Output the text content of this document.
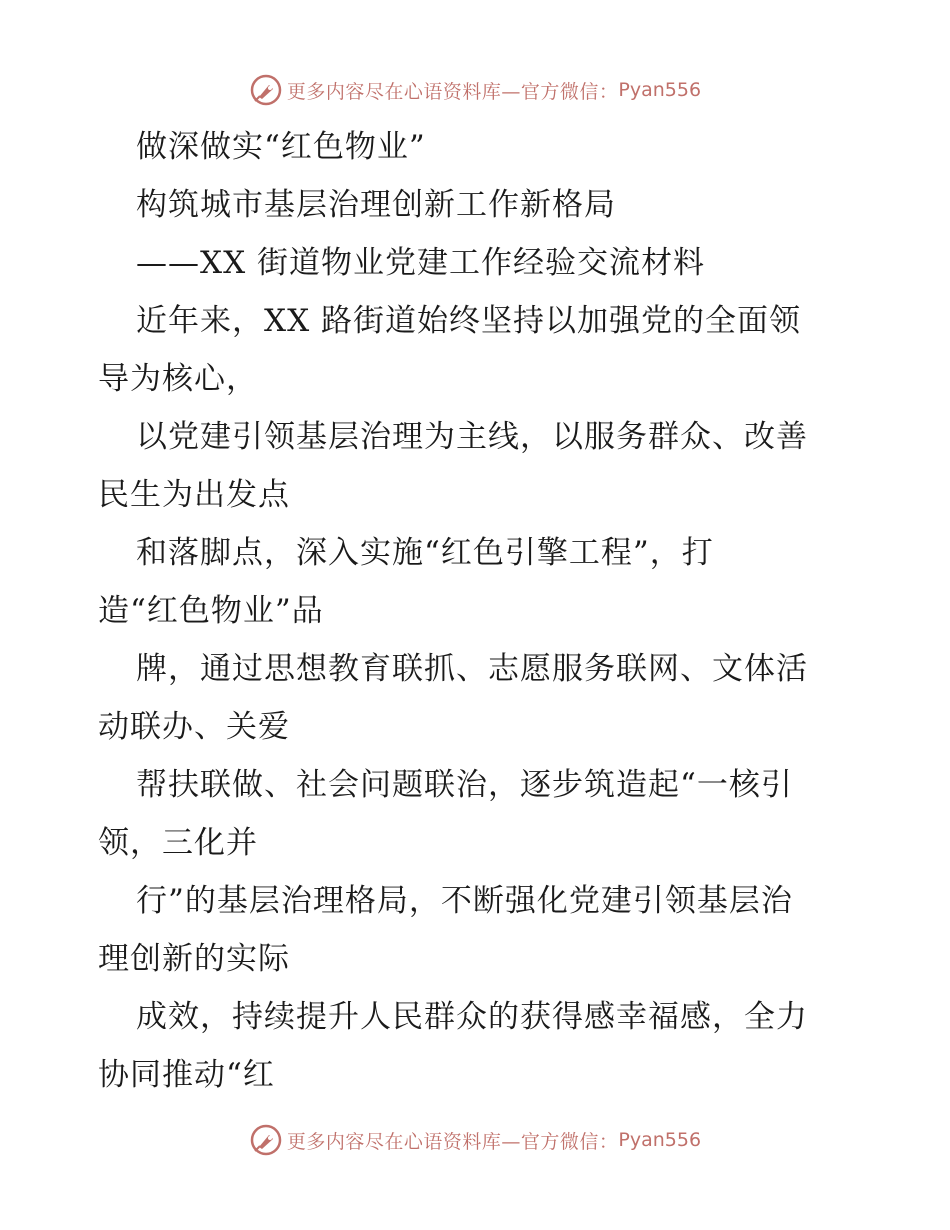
更多内容尽在心语资料库—官方微信： Pyan556
做深做实“红色物业”
构筑城市基层治理创新工作新格局
——XX 街道物业党建工作经验交流材料
近年来，XX 路街道始终坚持以加强党的全面领
导为核心，
以党建引领基层治理为主线，以服务群众、改善
民生为出发点
和落脚点，深入实施“红色引擎工程”，打
造“红色物业”品
牌，通过思想教育联抓、志愿服务联网、文体活
动联办、关爱
帮扶联做、社会问题联治，逐步筑造起“一核引
领，三化并
行”的基层治理格局，不断强化党建引领基层治
理创新的实际
成效，持续提升人民群众的获得感幸福感，全力
协同推动“红
更多内容尽在心语资料库—官方微信： Pyan556
